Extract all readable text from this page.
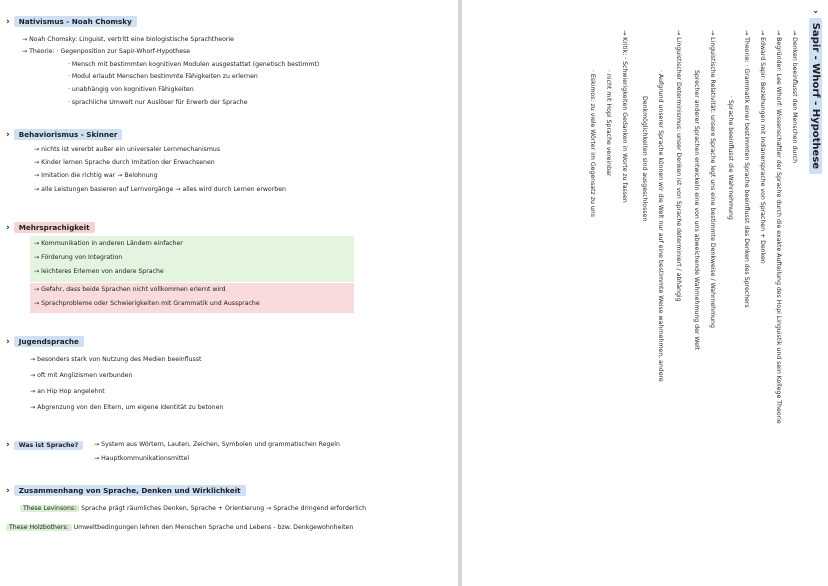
›	Nativismus - Noah Chomsky
→ Noah Chomsky: Linguist, vertritt eine biologistische Sprachtheorie
→ Theorie: · Gegenposition zur Sapir-Whorf-Hypothese
· Mensch mit bestimmten kognitiven Modulen ausgestattet (genetisch bestimmt)
· Modul erlaubt Menschen bestimmte Fähigkeiten zu erlernen
· unabhängig von kognitiven Fähigkeiten
· sprachliche Umwelt nur Auslöser für Erwerb der Sprache
›	Behaviorismus - Skinner
→ nichts ist vererbt außer ein universaler Lernmechanismus
→ Kinder lernen Sprache durch Imitation der Erwachsenen
→ Imitation die richtig war → Belohnung
→ alle Leistungen basieren auf Lernvorgänge → alles wird durch Lernen erworben
›	Mehrsprachigkeit
→ Kommunikation in anderen Ländern einfacher
→ Förderung von Integration
→ leichteres Erlernen von andere Sprache
→ Gefahr, dass beide Sprachen nicht vollkommen erlernt wird
→ Sprachprobleme oder Schwierigkeiten mit Grammatik und Aussprache
›	Jugendsprache
→ besonders stark von Nutzung des Medien beeinflusst
→ oft mit Anglizismen verbunden
→ an Hip Hop angelehnt
→ Abgrenzung von den Eltern, um eigene Identität zu betonen
›	Was ist Sprache?	→ System aus Wörtern, Lauten, Zeichen, Symbolen und grammatischen Regeln
→ Hauptkommunikationsmittel
›	Zusammenhang von Sprache, Denken und Wirklichkeit
These Levinsons: Sprache prägt räumliches Denken, Sprache + Orientierung → Sprache dringend erforderlich
These Holzbothers: Umweltbedingungen lehren den Menschen Sprache und Lebens - bzw. Denkgewohnheiten
›
Sapir - Whorf - Hypothese
→ Denken beeinflusst den Menschen durch
→ Begründer: Lee Whorf: Wissenschaftler der Sprache durch die exakte Aufteilung des Hopi Linguistik und sein Kollege Theorie
→ Edward Sapir: Beziehungen mit Indianersprache von Sprachen + Denken
→ Theorie: · Grammatik einer bestimmten Sprache beeinflusst das Denken des Sprechers
· Sprache beeinflusst die Wahrnehmung
→ Linguistische Relativität: unsere Sprache legt uns eine bestimmte Denkweise / Wahrnehmung
Sprecher anderer Sprachen entwickeln eine von uns abweichende Wahrnehmung der Welt
→ Linguistischer Determinismus: unser Denken ist von Sprache determiniert / abhängig
· Aufgrund unserer Sprache können wir die Welt nur auf eine bestimmte Weise wahrnehmen, andere
Denkmöglichkeiten sind ausgeschlossen
→ Kritik: · Schwierigkeiten Gedanken in Worte zu fassen
· nicht mit Hopi Sprache vereinbar
· Eskimos: zu viele Wörter im Gegensatz zu uns
